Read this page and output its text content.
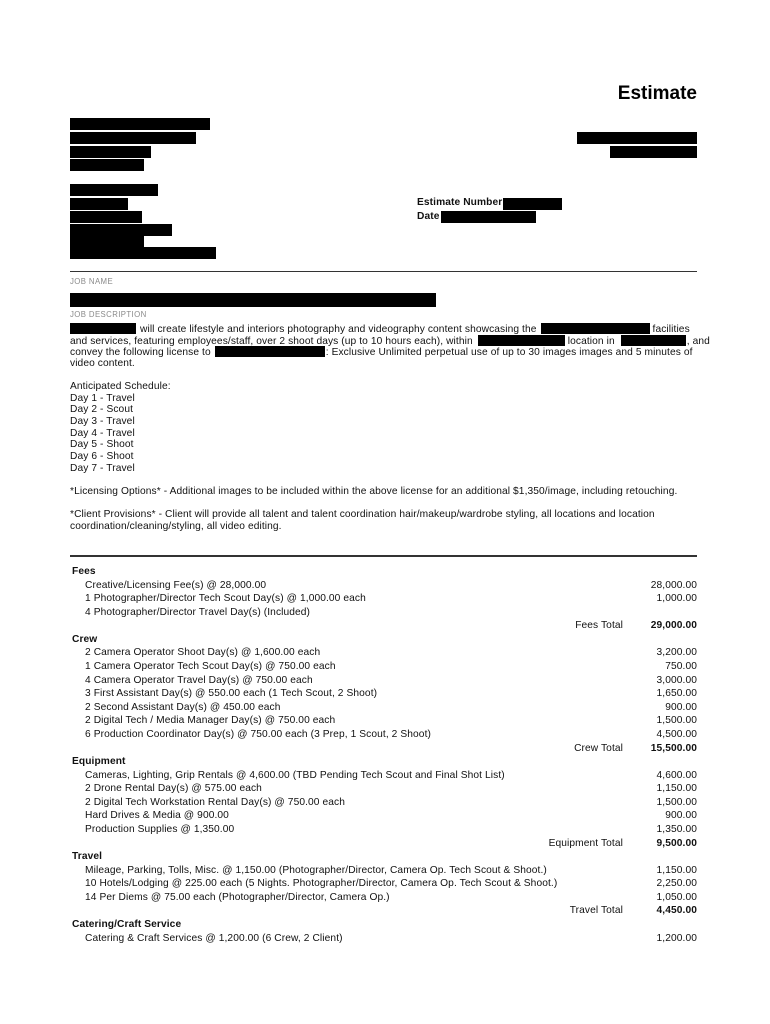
Estimate
Estimate Number
Date
JOB NAME
JOB DESCRIPTION
will create lifestyle and interiors photography and videography content showcasing the	facilities
and services, featuring employees/staff, over 2 shoot days (up to 10 hours each), within	location in	, and
convey the following license to	: Exclusive Unlimited perpetual use of up to 30 images images and 5 minutes of
video content.
Anticipated Schedule:
Day 1 - Travel
Day 2 - Scout
Day 3 - Travel
Day 4 - Travel
Day 5 - Shoot
Day 6 - Shoot
Day 7 - Travel
*Licensing Options* - Additional images to be included within the above license for an additional $1,350/image, including retouching.
*Client Provisions* - Client will provide all talent and talent coordination hair/makeup/wardrobe styling, all locations and location
coordination/cleaning/styling, all video editing.
Fees
Creative/Licensing Fee(s) @ 28,000.00	28,000.00
1 Photographer/Director Tech Scout Day(s) @ 1,000.00 each	1,000.00
4 Photographer/Director Travel Day(s) (Included)
Fees Total	29,000.00
Crew
2 Camera Operator Shoot Day(s) @ 1,600.00 each	3,200.00
1 Camera Operator Tech Scout Day(s) @ 750.00 each	750.00
4 Camera Operator Travel Day(s) @ 750.00 each	3,000.00
3 First Assistant Day(s) @ 550.00 each (1 Tech Scout, 2 Shoot)	1,650.00
2 Second Assistant Day(s) @ 450.00 each	900.00
2 Digital Tech / Media Manager Day(s) @ 750.00 each	1,500.00
6 Production Coordinator Day(s) @ 750.00 each (3 Prep, 1 Scout, 2 Shoot)	4,500.00
Crew Total	15,500.00
Equipment
Cameras, Lighting, Grip Rentals @ 4,600.00 (TBD Pending Tech Scout and Final Shot List)	4,600.00
2 Drone Rental Day(s) @ 575.00 each	1,150.00
2 Digital Tech Workstation Rental Day(s) @ 750.00 each	1,500.00
Hard Drives & Media @ 900.00	900.00
Production Supplies @ 1,350.00	1,350.00
Equipment Total	9,500.00
Travel
Mileage, Parking, Tolls, Misc. @ 1,150.00 (Photographer/Director, Camera Op. Tech Scout & Shoot.)	1,150.00
10 Hotels/Lodging @ 225.00 each (5 Nights. Photographer/Director, Camera Op. Tech Scout & Shoot.)	2,250.00
14 Per Diems @ 75.00 each (Photographer/Director, Camera Op.)	1,050.00
Travel Total	4,450.00
Catering/Craft Service
Catering & Craft Services @ 1,200.00 (6 Crew, 2 Client)	1,200.00
